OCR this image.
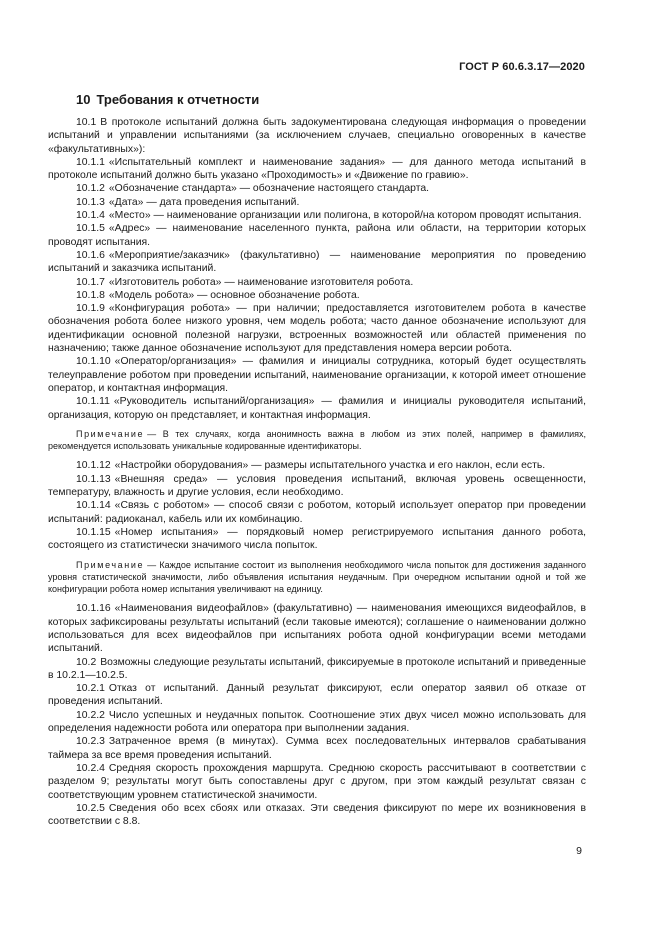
ГОСТ Р 60.6.3.17—2020
10 Требования к отчетности

10.1 В протоколе испытаний должна быть задокументирована следующая информация о проведении испытаний и управлении испытаниями (за исключением случаев, специально оговоренных в качестве «факультативных»):

10.1.1 «Испытательный комплект и наименование задания» — для данного метода испытаний в протоколе испытаний должно быть указано «Проходимость» и «Движение по гравию».

10.1.2 «Обозначение стандарта» — обозначение настоящего стандарта.

10.1.3 «Дата» — дата проведения испытаний.

10.1.4 «Место» — наименование организации или полигона, в которой/на котором проводят испытания.

10.1.5 «Адрес» — наименование населенного пункта, района или области, на территории которых проводят испытания.

10.1.6 «Мероприятие/заказчик» (факультативно) — наименование мероприятия по проведению испытаний и заказчика испытаний.

10.1.7 «Изготовитель робота» — наименование изготовителя робота.

10.1.8 «Модель робота» — основное обозначение робота.

10.1.9 «Конфигурация робота» — при наличии; предоставляется изготовителем робота в качестве обозначения робота более низкого уровня, чем модель робота; часто данное обозначение используют для идентификации основной полезной нагрузки, встроенных возможностей или областей применения по назначению; также данное обозначение используют для представления номера версии робота.

10.1.10 «Оператор/организация» — фамилия и инициалы сотрудника, который будет осуществлять телеуправление роботом при проведении испытаний, наименование организации, к которой имеет отношение оператор, и контактная информация.

10.1.11 «Руководитель испытаний/организация» — фамилия и инициалы руководителя испытаний, организация, которую он представляет, и контактная информация.

Примечание — В тех случаях, когда анонимность важна в любом из этих полей, например в фамилиях, рекомендуется использовать уникальные кодированные идентификаторы.

10.1.12 «Настройки оборудования» — размеры испытательного участка и его наклон, если есть.

10.1.13 «Внешняя среда» — условия проведения испытаний, включая уровень освещенности, температуру, влажность и другие условия, если необходимо.

10.1.14 «Связь с роботом» — способ связи с роботом, который использует оператор при проведении испытаний: радиоканал, кабель или их комбинацию.

10.1.15 «Номер испытания» — порядковый номер регистрируемого испытания данного робота, состоящего из статистически значимого числа попыток.

Примечание — Каждое испытание состоит из выполнения необходимого числа попыток для достижения заданного уровня статистической значимости, либо объявления испытания неудачным. При очередном испытании одной и той же конфигурации робота номер испытания увеличивают на единицу.

10.1.16 «Наименования видеофайлов» (факультативно) — наименования имеющихся видеофайлов, в которых зафиксированы результаты испытаний (если таковые имеются); соглашение о наименовании должно использоваться для всех видеофайлов при испытаниях робота одной конфигурации всеми методами испытаний.

10.2 Возможны следующие результаты испытаний, фиксируемые в протоколе испытаний и приведенные в 10.2.1—10.2.5.

10.2.1 Отказ от испытаний. Данный результат фиксируют, если оператор заявил об отказе от проведения испытаний.

10.2.2 Число успешных и неудачных попыток. Соотношение этих двух чисел можно использовать для определения надежности робота или оператора при выполнении задания.

10.2.3 Затраченное время (в минутах). Сумма всех последовательных интервалов срабатывания таймера за все время проведения испытаний.

10.2.4 Средняя скорость прохождения маршрута. Среднюю скорость рассчитывают в соответствии с разделом 9; результаты могут быть сопоставлены друг с другом, при этом каждый результат связан с соответствующим уровнем статистической значимости.

10.2.5 Сведения обо всех сбоях или отказах. Эти сведения фиксируют по мере их возникновения в соответствии с 8.8.

9
